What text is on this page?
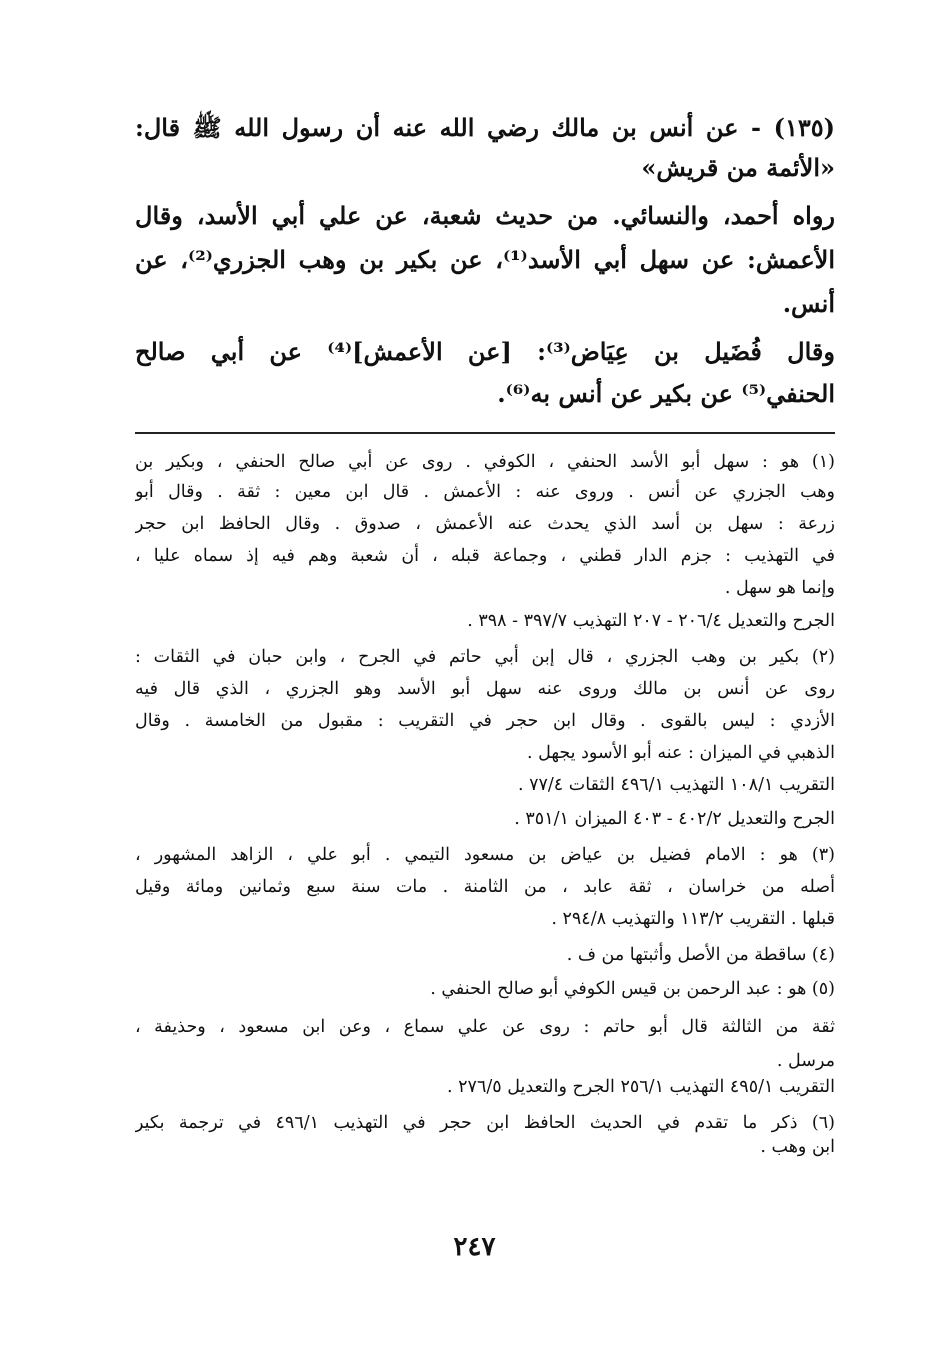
(١٣٥) - عن أنس بن مالك رضي الله عنه أن رسول الله ﷺ قال:
«الأئمة من قريش»
رواه أحمد، والنسائي. من حديث شعبة، عن علي أبي الأسد، وقال
الأعمش: عن سهل أبي الأسد⁽¹⁾، عن بكير بن وهب الجزري⁽²⁾، عن
أنس.
وقال فُضَيل بن عِيَاض⁽³⁾: [عن الأعمش]⁽⁴⁾ عن أبي صالح
الحنفي⁽⁵⁾ عن بكير عن أنس به⁽⁶⁾.
(١) هو : سهل أبو الأسد الحنفي ، الكوفي . روى عن أبي صالح الحنفي ، وبكير بن
وهب الجزري عن أنس . وروى عنه : الأعمش . قال ابن معين : ثقة . وقال أبو
زرعة : سهل بن أسد الذي يحدث عنه الأعمش ، صدوق . وقال الحافظ ابن حجر
في التهذيب : جزم الدار قطني ، وجماعة قبله ، أن شعبة وهم فيه إذ سماه عليا ،
وإنما هو سهل .
الجرح والتعديل ٢٠٦/٤ - ٢٠٧ التهذيب ٣٩٧/٧ - ٣٩٨ .
(٢) بكير بن وهب الجزري ، قال إبن أبي حاتم في الجرح ، وابن حبان في الثقات :
روى عن أنس بن مالك وروى عنه سهل أبو الأسد وهو الجزري ، الذي قال فيه
الأزدي : ليس بالقوى . وقال ابن حجر في التقريب : مقبول من الخامسة . وقال
الذهبي في الميزان : عنه أبو الأسود يجهل .
التقريب ١٠٨/١ التهذيب ٤٩٦/١ الثقات ٧٧/٤ .
الجرح والتعديل ٤٠٢/٢ - ٤٠٣ الميزان ٣٥١/١ .
(٣) هو : الامام فضيل بن عياض بن مسعود التيمي . أبو علي ، الزاهد المشهور ،
أصله من خراسان ، ثقة عابد ، من الثامنة . مات سنة سبع وثمانين ومائة وقيل
قبلها . التقريب ١١٣/٢ والتهذيب ٢٩٤/٨ .
(٤) ساقطة من الأصل وأثبتها من ف .
(٥) هو : عبد الرحمن بن قيس الكوفي أبو صالح الحنفي .
ثقة من الثالثة قال أبو حاتم : روى عن علي سماع ، وعن ابن مسعود ، وحذيفة ،
مرسل .
التقريب ٤٩٥/١ التهذيب ٢٥٦/١ الجرح والتعديل ٢٧٦/٥ .
(٦) ذكر ما تقدم في الحديث الحافظ ابن حجر في التهذيب ٤٩٦/١ في ترجمة بكير
ابن وهب .
٢٤٧
